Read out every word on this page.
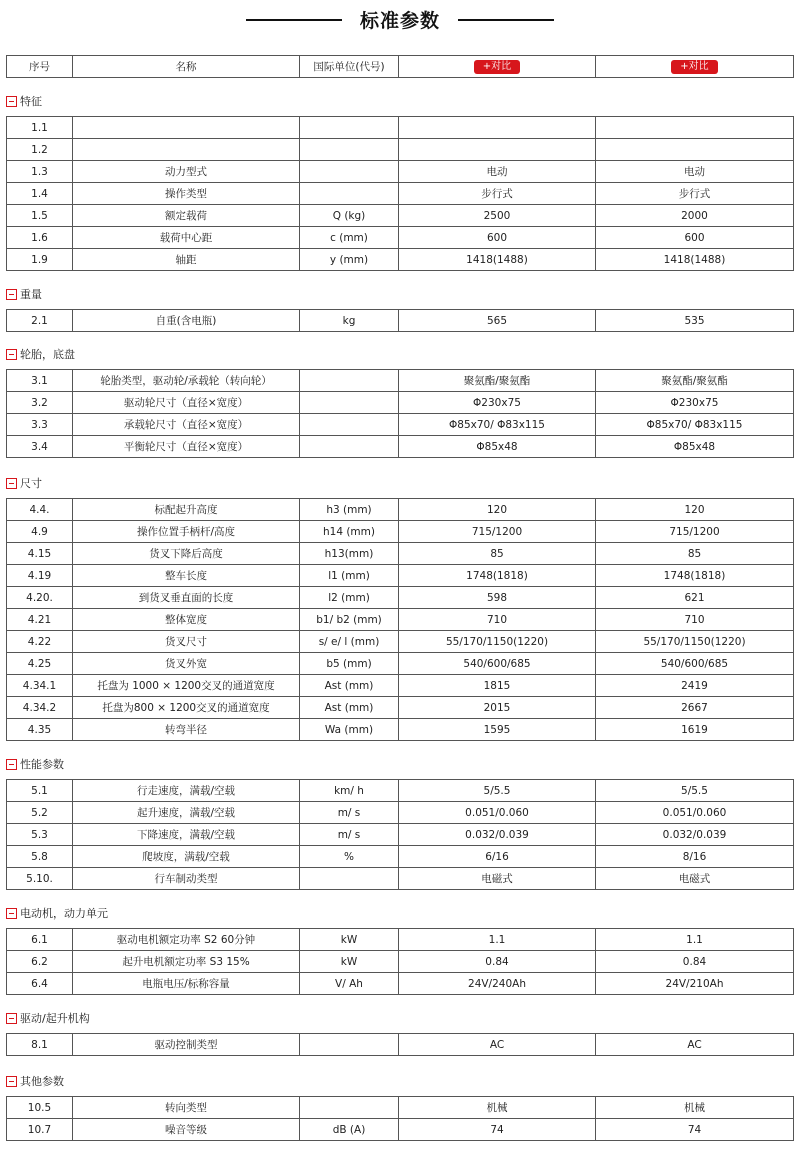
标准参数
序号	名称	国际单位(代号)	+对比	+对比
特征
1.1				
1.2				
1.3	动力型式		电动	电动
1.4	操作类型		步行式	步行式
1.5	额定载荷	Q (kg)	2500	2000
1.6	载荷中心距	c (mm)	600	600
1.9	轴距	y (mm)	1418(1488)	1418(1488)
重量
2.1	自重(含电瓶)	kg	565	535
轮胎，底盘
3.1	轮胎类型，驱动轮/承载轮（转向轮）		聚氨酯/聚氨酯	聚氨酯/聚氨酯
3.2	驱动轮尺寸（直径×宽度）		Φ230x75	Φ230x75
3.3	承载轮尺寸（直径×宽度）		Φ85x70/ Φ83x115	Φ85x70/ Φ83x115
3.4	平衡轮尺寸（直径×宽度）		Φ85x48	Φ85x48
尺寸
4.4.	标配起升高度	h3 (mm)	120	120
4.9	操作位置手柄杆/高度	h14 (mm)	715/1200	715/1200
4.15	货叉下降后高度	h13(mm)	85	85
4.19	整车长度	l1 (mm)	1748(1818)	1748(1818)
4.20.	到货叉垂直面的长度	l2 (mm)	598	621
4.21	整体宽度	b1/ b2 (mm)	710	710
4.22	货叉尺寸	s/ e/ l (mm)	55/170/1150(1220)	55/170/1150(1220)
4.25	货叉外宽	b5 (mm)	540/600/685	540/600/685
4.34.1	托盘为 1000 × 1200交叉的通道宽度	Ast (mm)	1815	2419
4.34.2	托盘为800 × 1200交叉的通道宽度	Ast (mm)	2015	2667
4.35	转弯半径	Wa (mm)	1595	1619
性能参数
5.1	行走速度，满载/空载	km/ h	5/5.5	5/5.5
5.2	起升速度，满载/空载	m/ s	0.051/0.060	0.051/0.060
5.3	下降速度，满载/空载	m/ s	0.032/0.039	0.032/0.039
5.8	爬坡度，满载/空载	%	6/16	8/16
5.10.	行车制动类型		电磁式	电磁式
电动机，动力单元
6.1	驱动电机额定功率 S2 60分钟	kW	1.1	1.1
6.2	起升电机额定功率 S3 15%	kW	0.84	0.84
6.4	电瓶电压/标称容量	V/ Ah	24V/240Ah	24V/210Ah
驱动/起升机构
8.1	驱动控制类型		AC	AC
其他参数
10.5	转向类型		机械	机械
10.7	噪音等级	dB (A)	74	74
